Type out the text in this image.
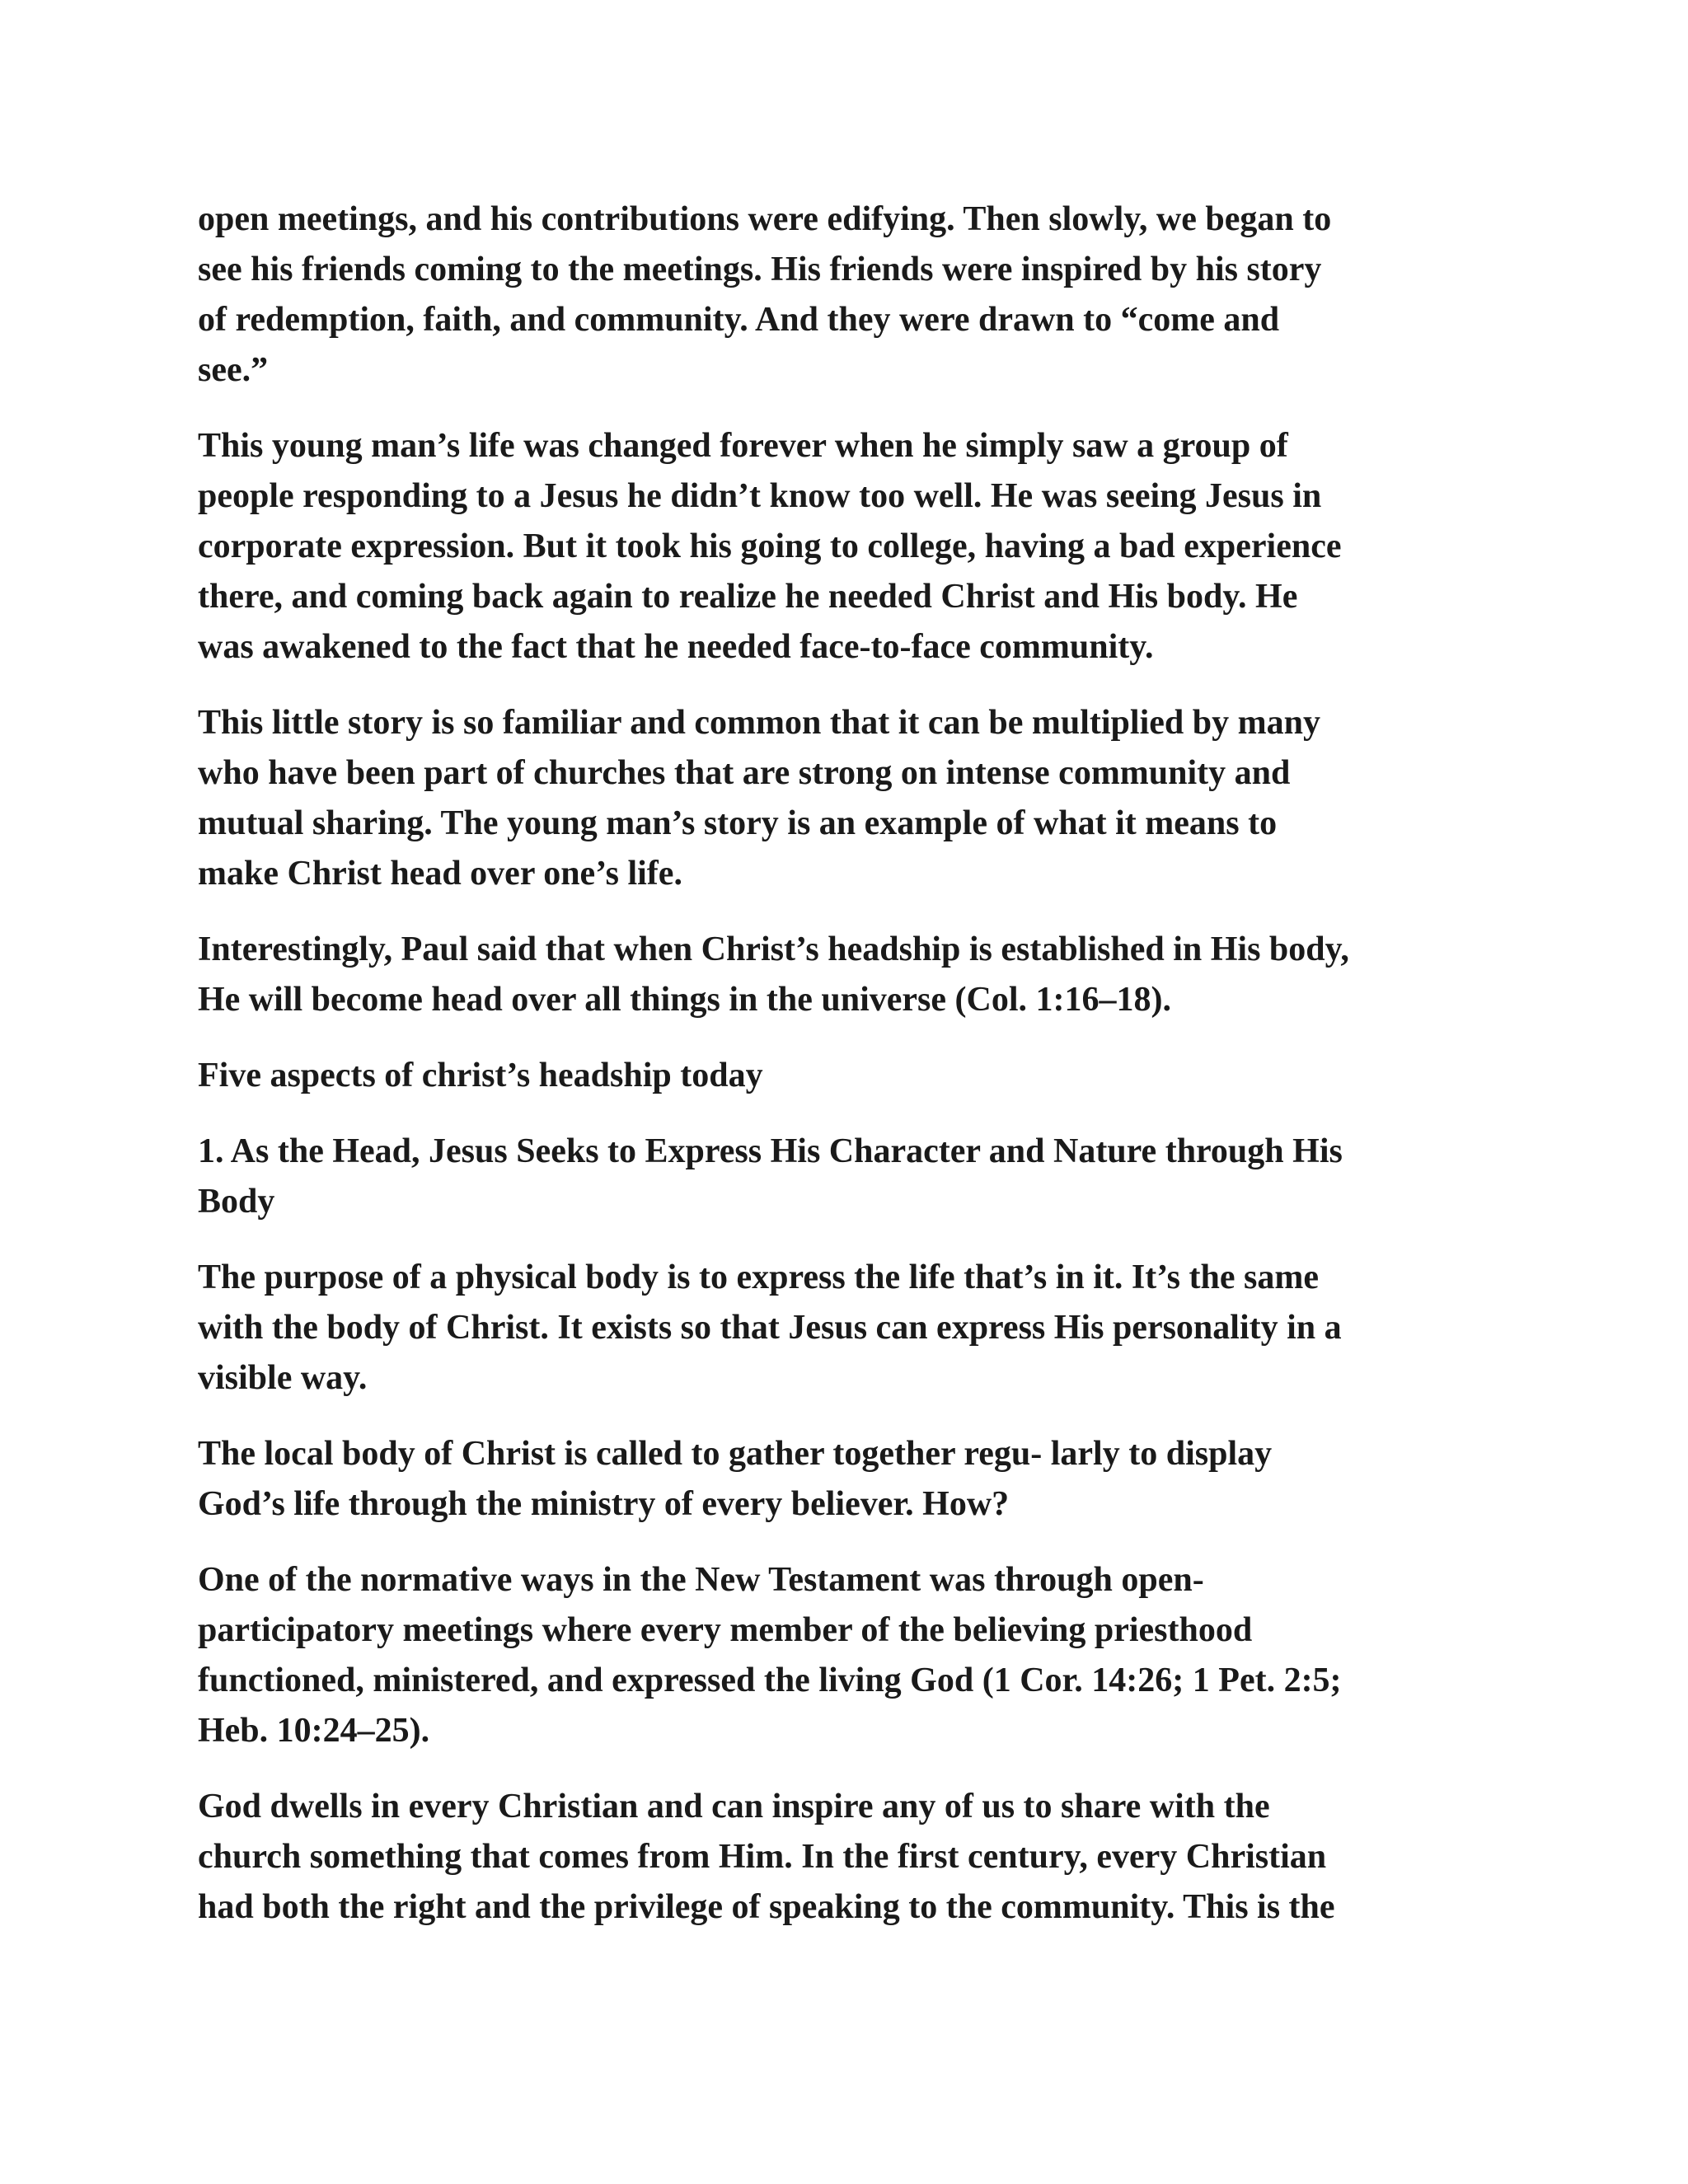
open meetings, and his contributions were edifying. Then slowly, we began to
see his friends coming to the meetings. His friends were inspired by his story
of redemption, faith, and community. And they were drawn to “come and
see.”

This young man’s life was changed forever when he simply saw a group of
people responding to a Jesus he didn’t know too well. He was seeing Jesus in
corporate expression. But it took his going to college, having a bad experience
there, and coming back again to realize he needed Christ and His body. He
was awakened to the fact that he needed face-to-face community.

This little story is so familiar and common that it can be multiplied by many
who have been part of churches that are strong on intense community and
mutual sharing. The young man’s story is an example of what it means to
make Christ head over one’s life.

Interestingly, Paul said that when Christ’s headship is established in His body,
He will become head over all things in the universe (Col. 1:16–18).

Five aspects of christ’s headship today

1. As the Head, Jesus Seeks to Express His Character and Nature through His
Body

The purpose of a physical body is to express the life that’s in it. It’s the same
with the body of Christ. It exists so that Jesus can express His personality in a
visible way.

The local body of Christ is called to gather together regu- larly to display
God’s life through the ministry of every believer. How?

One of the normative ways in the New Testament was through open-
participatory meetings where every member of the believing priesthood
functioned, ministered, and expressed the living God (1 Cor. 14:26; 1 Pet. 2:5;
Heb. 10:24–25).

God dwells in every Christian and can inspire any of us to share with the
church something that comes from Him. In the first century, every Christian
had both the right and the privilege of speaking to the community. This is the
